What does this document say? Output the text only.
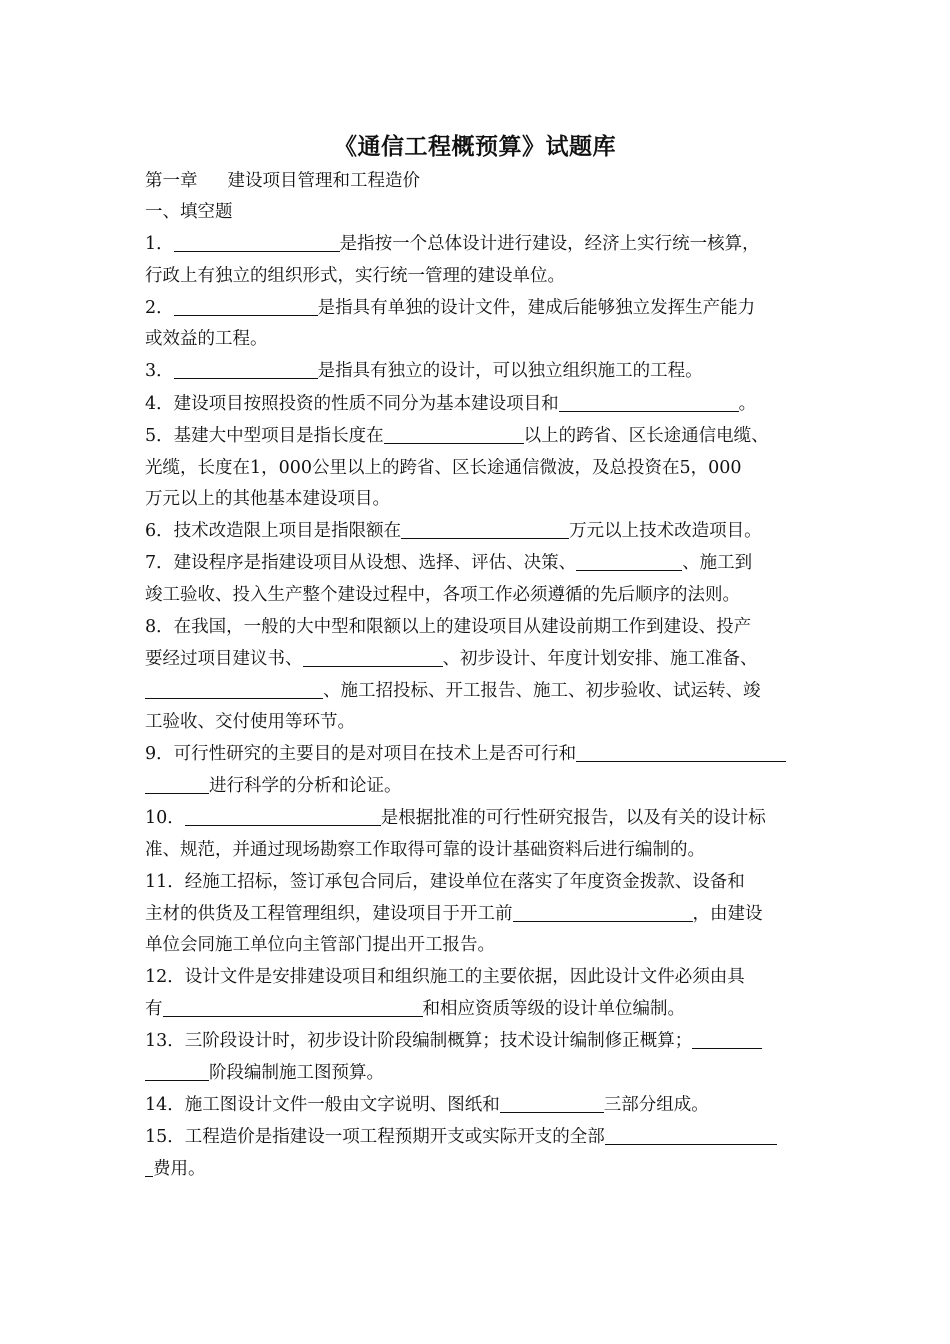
《通信工程概预算》试题库
第一章 建设项目管理和工程造价
一、填空题
1．	是指按一个总体设计进行建设，经济上实行统一核算，
行政上有独立的组织形式，实行统一管理的建设单位。
2．	是指具有单独的设计文件，建成后能够独立发挥生产能力
或效益的工程。
3．	是指具有独立的设计，可以独立组织施工的工程。
4．建设项目按照投资的性质不同分为基本建设项目和	。
5．基建大中型项目是指长度在	以上的跨省、区长途通信电缆、
光缆，长度在1，000公里以上的跨省、区长途通信微波，及总投资在5，000
万元以上的其他基本建设项目。
6．技术改造限上项目是指限额在	万元以上技术改造项目。
7．建设程序是指建设项目从设想、选择、评估、决策、	、施工到
竣工验收、投入生产整个建设过程中，各项工作必须遵循的先后顺序的法则。
8．在我国，一般的大中型和限额以上的建设项目从建设前期工作到建设、投产
要经过项目建议书、	、初步设计、年度计划安排、施工准备、
、施工招投标、开工报告、施工、初步验收、试运转、竣
工验收、交付使用等环节。
9．可行性研究的主要目的是对项目在技术上是否可行和
进行科学的分析和论证。
10．	是根据批准的可行性研究报告，以及有关的设计标
准、规范，并通过现场勘察工作取得可靠的设计基础资料后进行编制的。
11．经施工招标，签订承包合同后，建设单位在落实了年度资金拨款、设备和
主材的供货及工程管理组织，建设项目于开工前	，由建设
单位会同施工单位向主管部门提出开工报告。
12．设计文件是安排建设项目和组织施工的主要依据，因此设计文件必须由具
有	和相应资质等级的设计单位编制。
13．三阶段设计时，初步设计阶段编制概算；技术设计编制修正概算；
阶段编制施工图预算。
14．施工图设计文件一般由文字说明、图纸和	三部分组成。
15．工程造价是指建设一项工程预期开支或实际开支的全部
费用。
